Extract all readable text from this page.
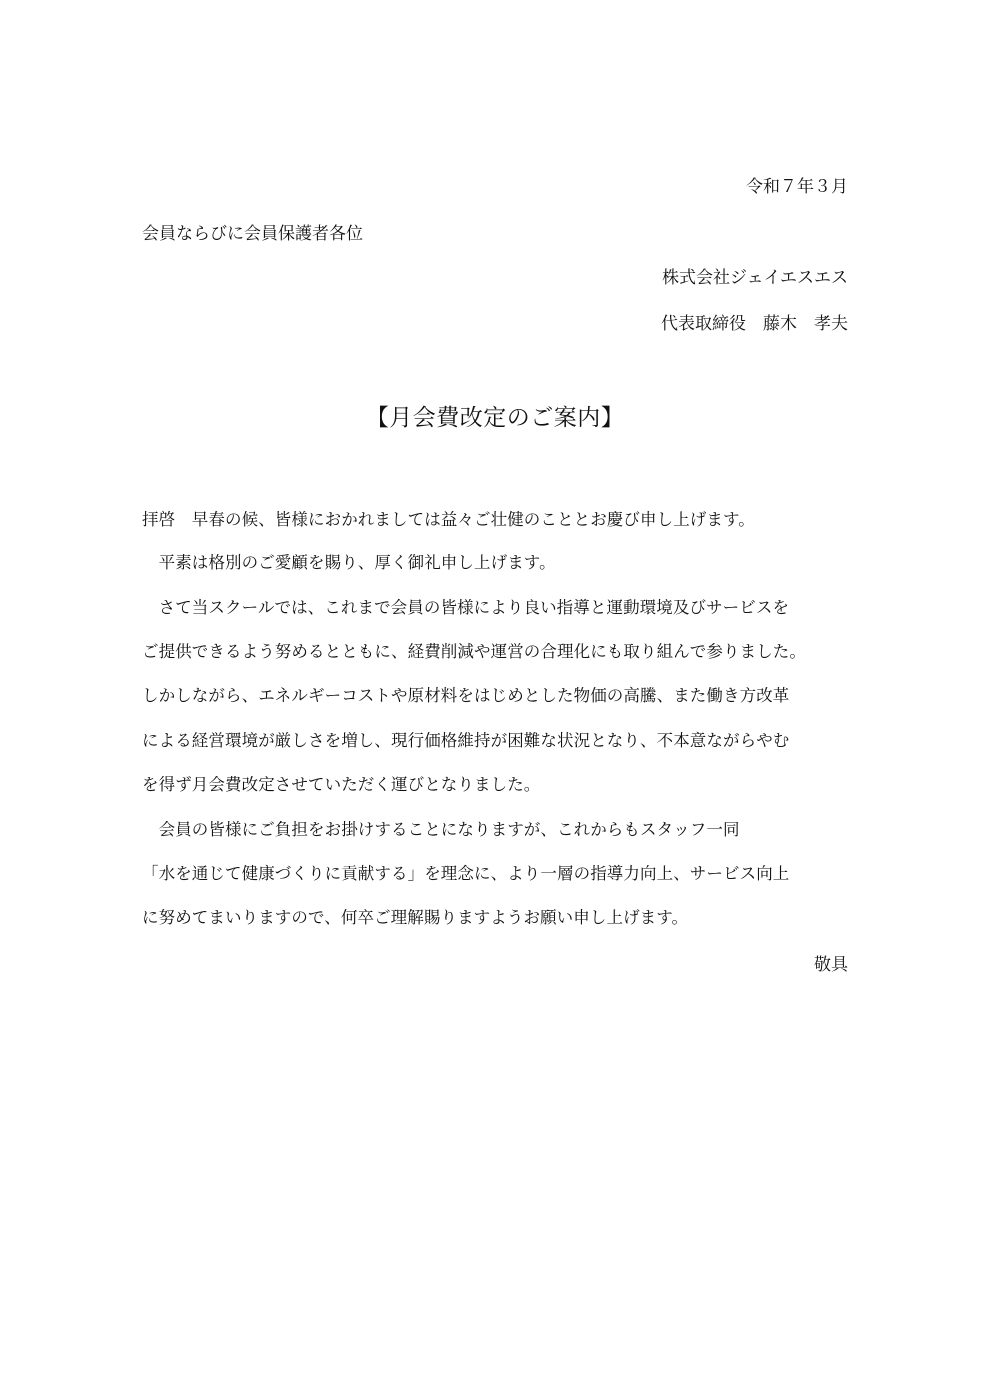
令和７年３月
会員ならびに会員保護者各位
株式会社ジェイエスエス
代表取締役　藤木　孝夫
【月会費改定のご案内】
拝啓　早春の候、皆様におかれましては益々ご壮健のこととお慶び申し上げます。
　平素は格別のご愛顧を賜り、厚く御礼申し上げます。
　さて当スクールでは、これまで会員の皆様により良い指導と運動環境及びサービスを
ご提供できるよう努めるとともに、経費削減や運営の合理化にも取り組んで参りました。
しかしながら、エネルギーコストや原材料をはじめとした物価の高騰、また働き方改革
による経営環境が厳しさを増し、現行価格維持が困難な状況となり、不本意ながらやむ
を得ず月会費改定させていただく運びとなりました。
　会員の皆様にご負担をお掛けすることになりますが、これからもスタッフ一同
「水を通じて健康づくりに貢献する」を理念に、より一層の指導力向上、サービス向上
に努めてまいりますので、何卒ご理解賜りますようお願い申し上げます。
敬具
